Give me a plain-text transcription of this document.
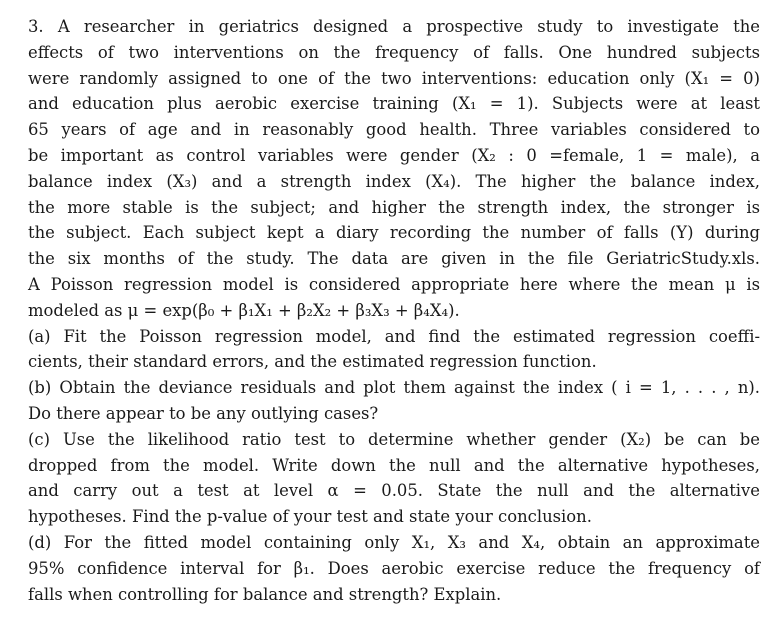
3. A researcher in geriatrics designed a prospective study to investigate the
effects of two interventions on the frequency of falls. One hundred subjects
were randomly assigned to one of the two interventions: education only (X₁ = 0)
and education plus aerobic exercise training (X₁ = 1). Subjects were at least
65 years of age and in reasonably good health. Three variables considered to
be important as control variables were gender (X₂ : 0 =female, 1 = male), a
balance index (X₃) and a strength index (X₄). The higher the balance index,
the more stable is the subject; and higher the strength index, the stronger is
the subject. Each subject kept a diary recording the number of falls (Y) during
the six months of the study. The data are given in the file GeriatricStudy.xls.
A Poisson regression model is considered appropriate here where the mean μ is
modeled as μ = exp(β₀ + β₁X₁ + β₂X₂ + β₃X₃ + β₄X₄).
(a) Fit the Poisson regression model, and find the estimated regression coeffi-
cients, their standard errors, and the estimated regression function.
(b) Obtain the deviance residuals and plot them against the index ( i = 1, . . . , n).
Do there appear to be any outlying cases?
(c) Use the likelihood ratio test to determine whether gender (X₂) be can be
dropped from the model. Write down the null and the alternative hypotheses,
and carry out a test at level α = 0.05. State the null and the alternative
hypotheses. Find the p-value of your test and state your conclusion.
(d) For the fitted model containing only X₁, X₃ and X₄, obtain an approximate
95% confidence interval for β₁. Does aerobic exercise reduce the frequency of
falls when controlling for balance and strength? Explain.
